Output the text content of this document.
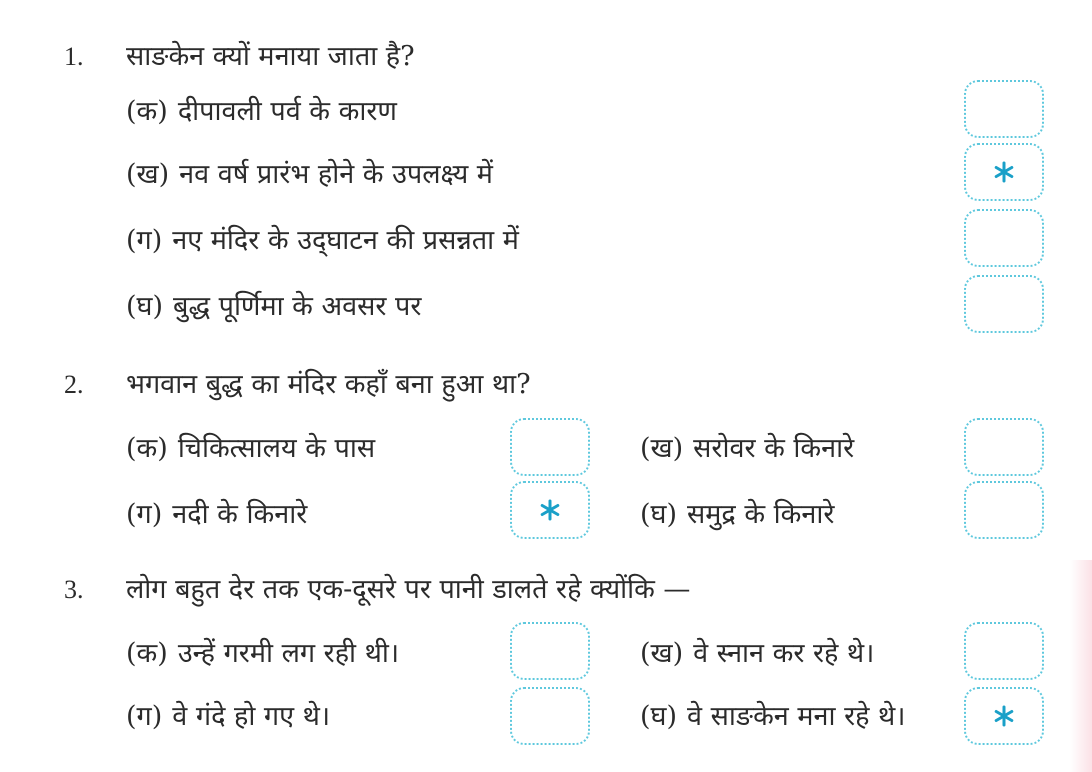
1. साङकेन क्यों मनाया जाता है?
(क) दीपावली पर्व के कारण
(ख) नव वर्ष प्रारंभ होने के उपलक्ष्य में
(ग) नए मंदिर के उद्‌घाटन की प्रसन्नता में
(घ) बुद्ध पूर्णिमा के अवसर पर
2. भगवान बुद्ध का मंदिर कहाँ बना हुआ था?
(क) चिकित्सालय के पास	(ख) सरोवर के किनारे
(ग) नदी के किनारे	(घ) समुद्र के किनारे
3. लोग बहुत देर तक एक-दूसरे पर पानी डालते रहे क्योंकि —
(क) उन्हें गरमी लग रही थी।	(ख) वे स्नान कर रहे थे।
(ग) वे गंदे हो गए थे।	(घ) वे साङकेन मना रहे थे।
